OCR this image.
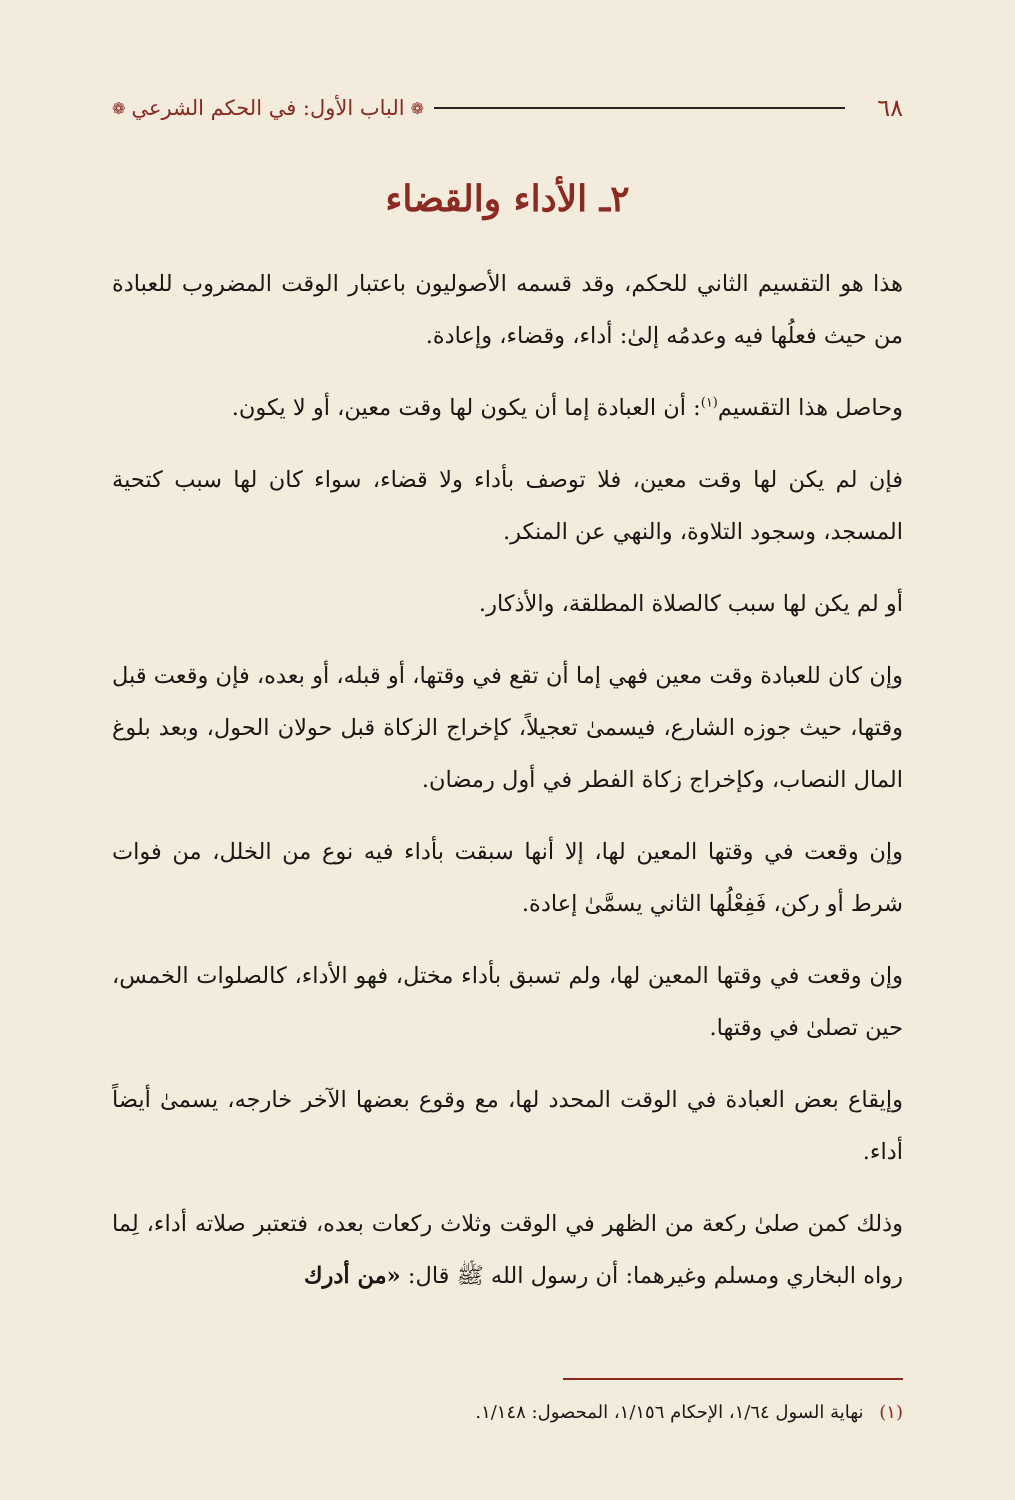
٦٨
❁
الباب الأول: في الحكم الشرعي
❁
٢ـ الأداء والقضاء

هذا هو التقسيم الثاني للحكم، وقد قسمه الأصوليون باعتبار الوقت المضروب للعبادة من حيث فعلُها فيه وعدمُه إلىٰ: أداء، وقضاء، وإعادة.

وحاصل هذا التقسيم$^{(١)}$: أن العبادة إما أن يكون لها وقت معين، أو لا يكون.

فإن لم يكن لها وقت معين، فلا توصف بأداء ولا قضاء، سواء كان لها سبب كتحية المسجد، وسجود التلاوة، والنهي عن المنكر.

أو لم يكن لها سبب كالصلاة المطلقة، والأذكار.

وإن كان للعبادة وقت معين فهي إما أن تقع في وقتها، أو قبله، أو بعده، فإن وقعت قبل وقتها، حيث جوزه الشارع، فيسمىٰ تعجيلاً، كإخراج الزكاة قبل حولان الحول، وبعد بلوغ المال النصاب، وكإخراج زكاة الفطر في أول رمضان.

وإن وقعت في وقتها المعين لها، إلا أنها سبقت بأداء فيه نوع من الخلل، من فوات شرط أو ركن، فَفِعْلُها الثاني يسمَّىٰ إعادة.

وإن وقعت في وقتها المعين لها، ولم تسبق بأداء مختل، فهو الأداء، كالصلوات الخمس، حين تصلىٰ في وقتها.

وإيقاع بعض العبادة في الوقت المحدد لها، مع وقوع بعضها الآخر خارجه، يسمىٰ أيضاً أداء.

وذلك كمن صلىٰ ركعة من الظهر في الوقت وثلاث ركعات بعده، فتعتبر صلاته أداء، لِما رواه البخاري ومسلم وغيرهما: أن رسول الله ﷺ قال: «من أدرك

(١) نهاية السول ١/٦٤، الإحكام ١/١٥٦، المحصول: ١/١٤٨.
